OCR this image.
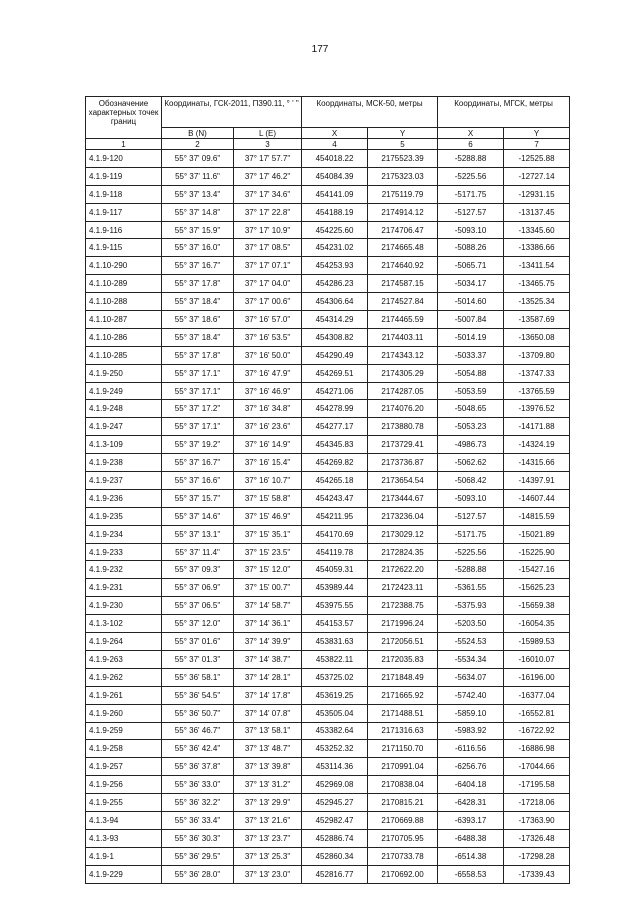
177
Обозначение характерных точек границ	Координаты, ГСК-2011, П390.11, ° ' "		Координаты, МСК-50, метры		Координаты, МГСК, метры	
	B (N)	L (E)	X	Y	X	Y
1	2	3	4	5	6	7
4.1.9-120	55° 37' 09.6"	37° 17' 57.7"	454018.22	2175523.39	-5288.88	-12525.88
4.1.9-119	55° 37' 11.6"	37° 17' 46.2"	454084.39	2175323.03	-5225.56	-12727.14
4.1.9-118	55° 37' 13.4"	37° 17' 34.6"	454141.09	2175119.79	-5171.75	-12931.15
4.1.9-117	55° 37' 14.8"	37° 17' 22.8"	454188.19	2174914.12	-5127.57	-13137.45
4.1.9-116	55° 37' 15.9"	37° 17' 10.9"	454225.60	2174706.47	-5093.10	-13345.60
4.1.9-115	55° 37' 16.0"	37° 17' 08.5"	454231.02	2174665.48	-5088.26	-13386.66
4.1.10-290	55° 37' 16.7"	37° 17' 07.1"	454253.93	2174640.92	-5065.71	-13411.54
4.1.10-289	55° 37' 17.8"	37° 17' 04.0"	454286.23	2174587.15	-5034.17	-13465.75
4.1.10-288	55° 37' 18.4"	37° 17' 00.6"	454306.64	2174527.84	-5014.60	-13525.34
4.1.10-287	55° 37' 18.6"	37° 16' 57.0"	454314.29	2174465.59	-5007.84	-13587.69
4.1.10-286	55° 37' 18.4"	37° 16' 53.5"	454308.82	2174403.11	-5014.19	-13650.08
4.1.10-285	55° 37' 17.8"	37° 16' 50.0"	454290.49	2174343.12	-5033.37	-13709.80
4.1.9-250	55° 37' 17.1"	37° 16' 47.9"	454269.51	2174305.29	-5054.88	-13747.33
4.1.9-249	55° 37' 17.1"	37° 16' 46.9"	454271.06	2174287.05	-5053.59	-13765.59
4.1.9-248	55° 37' 17.2"	37° 16' 34.8"	454278.99	2174076.20	-5048.65	-13976.52
4.1.9-247	55° 37' 17.1"	37° 16' 23.6"	454277.17	2173880.78	-5053.23	-14171.88
4.1.3-109	55° 37' 19.2"	37° 16' 14.9"	454345.83	2173729.41	-4986.73	-14324.19
4.1.9-238	55° 37' 16.7"	37° 16' 15.4"	454269.82	2173736.87	-5062.62	-14315.66
4.1.9-237	55° 37' 16.6"	37° 16' 10.7"	454265.18	2173654.54	-5068.42	-14397.91
4.1.9-236	55° 37' 15.7"	37° 15' 58.8"	454243.47	2173444.67	-5093.10	-14607.44
4.1.9-235	55° 37' 14.6"	37° 15' 46.9"	454211.95	2173236.04	-5127.57	-14815.59
4.1.9-234	55° 37' 13.1"	37° 15' 35.1"	454170.69	2173029.12	-5171.75	-15021.89
4.1.9-233	55° 37' 11.4"	37° 15' 23.5"	454119.78	2172824.35	-5225.56	-15225.90
4.1.9-232	55° 37' 09.3"	37° 15' 12.0"	454059.31	2172622.20	-5288.88	-15427.16
4.1.9-231	55° 37' 06.9"	37° 15' 00.7"	453989.44	2172423.11	-5361.55	-15625.23
4.1.9-230	55° 37' 06.5"	37° 14' 58.7"	453975.55	2172388.75	-5375.93	-15659.38
4.1.3-102	55° 37' 12.0"	37° 14' 36.1"	454153.57	2171996.24	-5203.50	-16054.35
4.1.9-264	55° 37' 01.6"	37° 14' 39.9"	453831.63	2172056.51	-5524.53	-15989.53
4.1.9-263	55° 37' 01.3"	37° 14' 38.7"	453822.11	2172035.83	-5534.34	-16010.07
4.1.9-262	55° 36' 58.1"	37° 14' 28.1"	453725.02	2171848.49	-5634.07	-16196.00
4.1.9-261	55° 36' 54.5"	37° 14' 17.8"	453619.25	2171665.92	-5742.40	-16377.04
4.1.9-260	55° 36' 50.7"	37° 14' 07.8"	453505.04	2171488.51	-5859.10	-16552.81
4.1.9-259	55° 36' 46.7"	37° 13' 58.1"	453382.64	2171316.63	-5983.92	-16722.92
4.1.9-258	55° 36' 42.4"	37° 13' 48.7"	453252.32	2171150.70	-6116.56	-16886.98
4.1.9-257	55° 36' 37.8"	37° 13' 39.8"	453114.36	2170991.04	-6256.76	-17044.66
4.1.9-256	55° 36' 33.0"	37° 13' 31.2"	452969.08	2170838.04	-6404.18	-17195.58
4.1.9-255	55° 36' 32.2"	37° 13' 29.9"	452945.27	2170815.21	-6428.31	-17218.06
4.1.3-94	55° 36' 33.4"	37° 13' 21.6"	452982.47	2170669.88	-6393.17	-17363.90
4.1.3-93	55° 36' 30.3"	37° 13' 23.7"	452886.74	2170705.95	-6488.38	-17326.48
4.1.9-1	55° 36' 29.5"	37° 13' 25.3"	452860.34	2170733.78	-6514.38	-17298.28
4.1.9-229	55° 36' 28.0"	37° 13' 23.0"	452816.77	2170692.00	-6558.53	-17339.43
